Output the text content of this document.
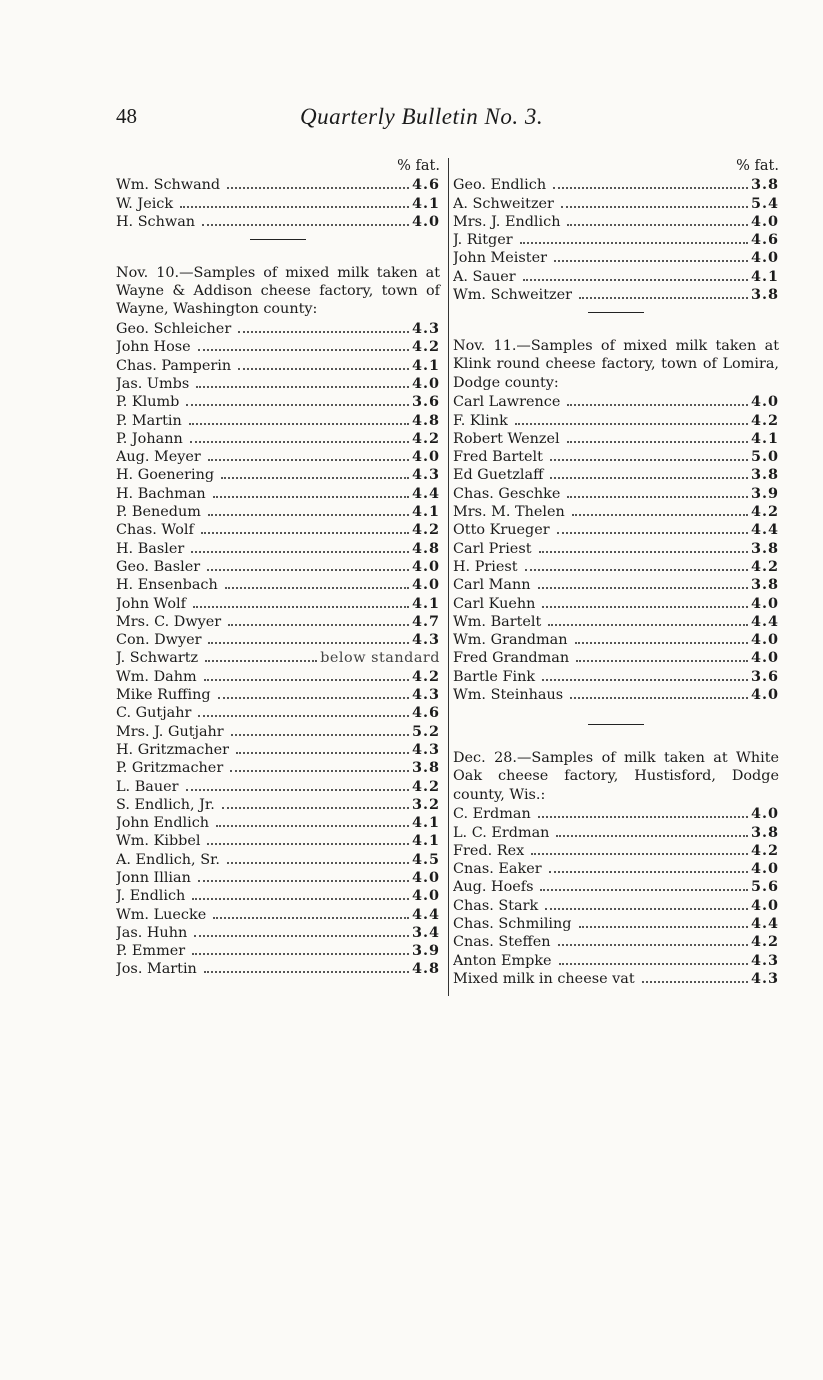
48	Quarterly Bulletin No. 3.
% fat.
Wm. Schwand	4.6
W. Jeick	4.1
H. Schwan	4.0

Nov. 10.—Samples of mixed milk taken at Wayne & Addison cheese factory, town of Wayne, Washington county:

Geo. Schleicher	4.3
John Hose	4.2
Chas. Pamperin	4.1
Jas. Umbs	4.0
P. Klumb	3.6
P. Martin	4.8
P. Johann	4.2
Aug. Meyer	4.0
H. Goenering	4.3
H. Bachman	4.4
P. Benedum	4.1
Chas. Wolf	4.2
H. Basler	4.8
Geo. Basler	4.0
H. Ensenbach	4.0
John Wolf	4.1
Mrs. C. Dwyer	4.7
Con. Dwyer	4.3
J. Schwartz	below standard
Wm. Dahm	4.2
Mike Ruffing	4.3
C. Gutjahr	4.6
Mrs. J. Gutjahr	5.2
H. Gritzmacher	4.3
P. Gritzmacher	3.8
L. Bauer	4.2
S. Endlich, Jr.	3.2
John Endlich	4.1
Wm. Kibbel	4.1
A. Endlich, Sr.	4.5
Jonn Illian	4.0
J. Endlich	4.0
Wm. Luecke	4.4
Jas. Huhn	3.4
P. Emmer	3.9
Jos. Martin	4.8
% fat.
Geo. Endlich	3.8
A. Schweitzer	5.4
Mrs. J. Endlich	4.0
J. Ritger	4.6
John Meister	4.0
A. Sauer	4.1
Wm. Schweitzer	3.8

Nov. 11.—Samples of mixed milk taken at Klink round cheese factory, town of Lomira, Dodge county:

Carl Lawrence	4.0
F. Klink	4.2
Robert Wenzel	4.1
Fred Bartelt	5.0
Ed Guetzlaff	3.8
Chas. Geschke	3.9
Mrs. M. Thelen	4.2
Otto Krueger	4.4
Carl Priest	3.8
H. Priest	4.2
Carl Mann	3.8
Carl Kuehn	4.0
Wm. Bartelt	4.4
Wm. Grandman	4.0
Fred Grandman	4.0
Bartle Fink	3.6
Wm. Steinhaus	4.0

Dec. 28.—Samples of milk taken at White Oak cheese factory, Hustisford, Dodge county, Wis.:

C. Erdman	4.0
L. C. Erdman	3.8
Fred. Rex	4.2
Cnas. Eaker	4.0
Aug. Hoefs	5.6
Chas. Stark	4.0
Chas. Schmiling	4.4
Cnas. Steffen	4.2
Anton Empke	4.3
Mixed milk in cheese vat	4.3
